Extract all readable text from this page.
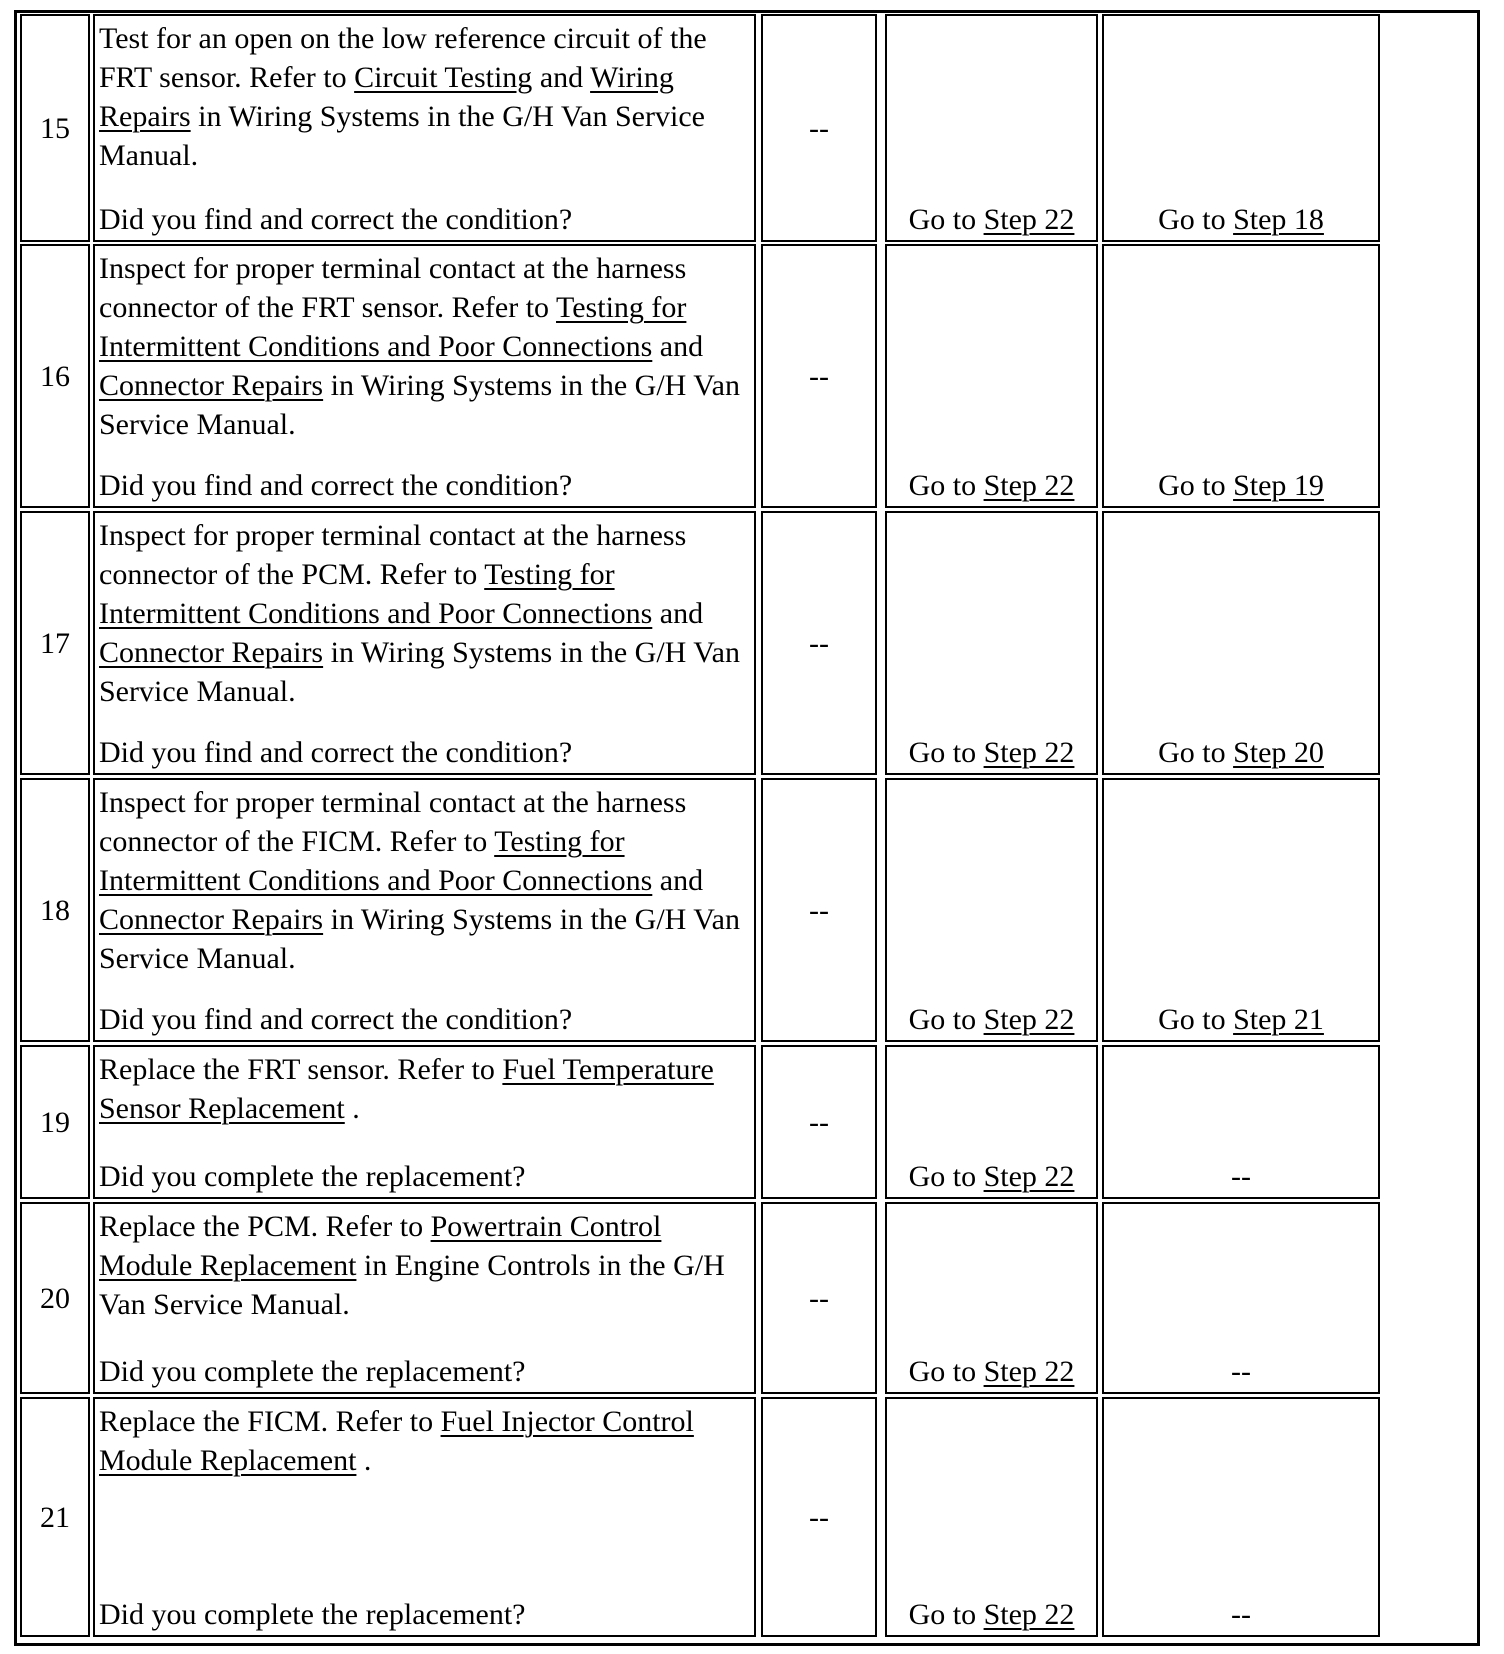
15
Test for an open on the low reference circuit of the FRT sensor. Refer to Circuit Testing and Wiring Repairs in Wiring Systems in the G/H Van Service Manual.
Did you find and correct the condition?
--
Go to Step 22	Go to Step 18
16
Inspect for proper terminal contact at the harness connector of the FRT sensor. Refer to Testing for Intermittent Conditions and Poor Connections and Connector Repairs in Wiring Systems in the G/H Van Service Manual.
Did you find and correct the condition?
--
Go to Step 22	Go to Step 19
17
Inspect for proper terminal contact at the harness connector of the PCM. Refer to Testing for Intermittent Conditions and Poor Connections and Connector Repairs in Wiring Systems in the G/H Van Service Manual.
Did you find and correct the condition?
--
Go to Step 22	Go to Step 20
18
Inspect for proper terminal contact at the harness connector of the FICM. Refer to Testing for Intermittent Conditions and Poor Connections and Connector Repairs in Wiring Systems in the G/H Van Service Manual.
Did you find and correct the condition?
--
Go to Step 22	Go to Step 21
19
Replace the FRT sensor. Refer to Fuel Temperature Sensor Replacement .
Did you complete the replacement?
--
Go to Step 22	--
20
Replace the PCM. Refer to Powertrain Control Module Replacement in Engine Controls in the G/H Van Service Manual.
Did you complete the replacement?
--
Go to Step 22	--
21
Replace the FICM. Refer to Fuel Injector Control Module Replacement .
Did you complete the replacement?
--
Go to Step 22	--
